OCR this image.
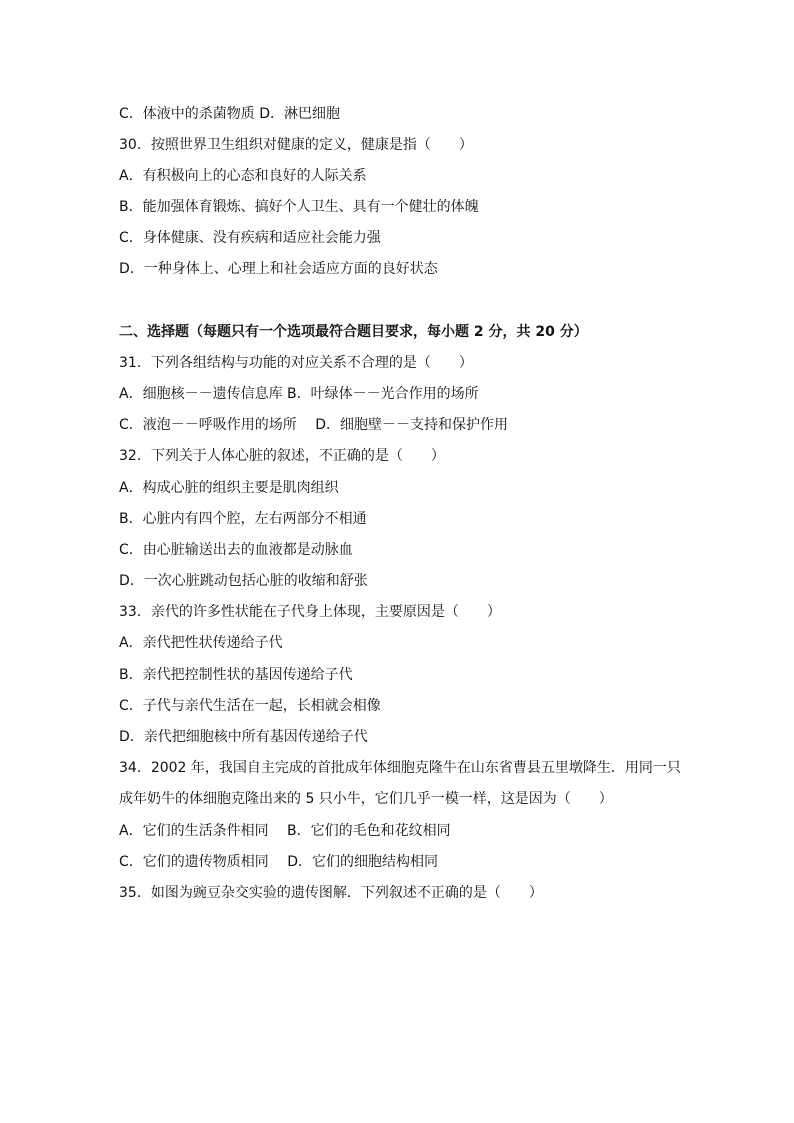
C．体液中的杀菌物质 D．淋巴细胞
30．按照世界卫生组织对健康的定义，健康是指（　　）
A．有积极向上的心态和良好的人际关系
B．能加强体育锻炼、搞好个人卫生、具有一个健壮的体魄
C．身体健康、没有疾病和适应社会能力强
D．一种身体上、心理上和社会适应方面的良好状态
二、选择题（每题只有一个选项最符合题目要求，每小题 2 分，共 20 分）
31．下列各组结构与功能的对应关系不合理的是（　　）
A．细胞核－－遗传信息库 B．叶绿体－－光合作用的场所
C．液泡－－呼吸作用的场所　 D．细胞壁－－支持和保护作用
32．下列关于人体心脏的叙述，不正确的是（　　）
A．构成心脏的组织主要是肌肉组织
B．心脏内有四个腔，左右两部分不相通
C．由心脏输送出去的血液都是动脉血
D．一次心脏跳动包括心脏的收缩和舒张
33．亲代的许多性状能在子代身上体现，主要原因是（　　）
A．亲代把性状传递给子代
B．亲代把控制性状的基因传递给子代
C．子代与亲代生活在一起，长相就会相像
D．亲代把细胞核中所有基因传递给子代
34．2002 年，我国自主完成的首批成年体细胞克隆牛在山东省曹县五里墩降生．用同一只
成年奶牛的体细胞克隆出来的 5 只小牛，它们几乎一模一样，这是因为（　　）
A．它们的生活条件相同　 B．它们的毛色和花纹相同
C．它们的遗传物质相同　 D．它们的细胞结构相同
35．如图为豌豆杂交实验的遗传图解．下列叙述不正确的是（　　）
